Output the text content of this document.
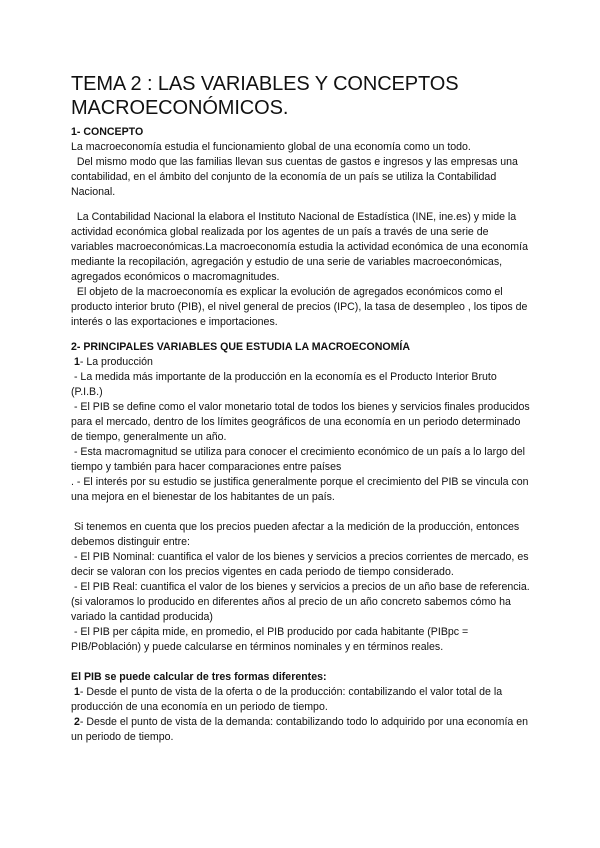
TEMA 2 : LAS VARIABLES Y CONCEPTOS
MACROECONÓMICOS.
1- CONCEPTO

La macroeconomía estudia el funcionamiento global de una economía como un todo.

Del mismo modo que las familias llevan sus cuentas de gastos e ingresos y las empresas una contabilidad, en el ámbito del conjunto de la economía de un país se utiliza la Contabilidad Nacional.

La Contabilidad Nacional la elabora el Instituto Nacional de Estadística (INE, ine.es) y mide la actividad económica global realizada por los agentes de un país a través de una serie de variables macroeconómicas.La macroeconomía estudia la actividad económica de una economía mediante la recopilación, agregación y estudio de una serie de variables macroeconómicas, agregados económicos o macromagnitudes.

El objeto de la macroeconomía es explicar la evolución de agregados económicos como el producto interior bruto (PIB), el nivel general de precios (IPC), la tasa de desempleo , los tipos de interés o las exportaciones e importaciones.

2- PRINCIPALES VARIABLES QUE ESTUDIA LA MACROECONOMÍA

1- La producción

- La medida más importante de la producción en la economía es el Producto Interior Bruto (P.I.B.)

- El PIB se define como el valor monetario total de todos los bienes y servicios finales producidos para el mercado, dentro de los límites geográficos de una economía en un periodo determinado de tiempo, generalmente un año.

- Esta macromagnitud se utiliza para conocer el crecimiento económico de un país a lo largo del tiempo y también para hacer comparaciones entre países

. - El interés por su estudio se justifica generalmente porque el crecimiento del PIB se vincula con una mejora en el bienestar de los habitantes de un país.

Si tenemos en cuenta que los precios pueden afectar a la medición de la producción, entonces debemos distinguir entre:

- El PIB Nominal: cuantifica el valor de los bienes y servicios a precios corrientes de mercado, es decir se valoran con los precios vigentes en cada periodo de tiempo considerado.

- El PIB Real: cuantifica el valor de los bienes y servicios a precios de un año base de referencia. (si valoramos lo producido en diferentes años al precio de un año concreto sabemos cómo ha variado la cantidad producida)

- El PIB per cápita mide, en promedio, el PIB producido por cada habitante (PIBpc = PIB/Población) y puede calcularse en términos nominales y en términos reales.

El PIB se puede calcular de tres formas diferentes:

1- Desde el punto de vista de la oferta o de la producción: contabilizando el valor total de la producción de una economía en un periodo de tiempo.

2- Desde el punto de vista de la demanda: contabilizando todo lo adquirido por una economía en un periodo de tiempo.
